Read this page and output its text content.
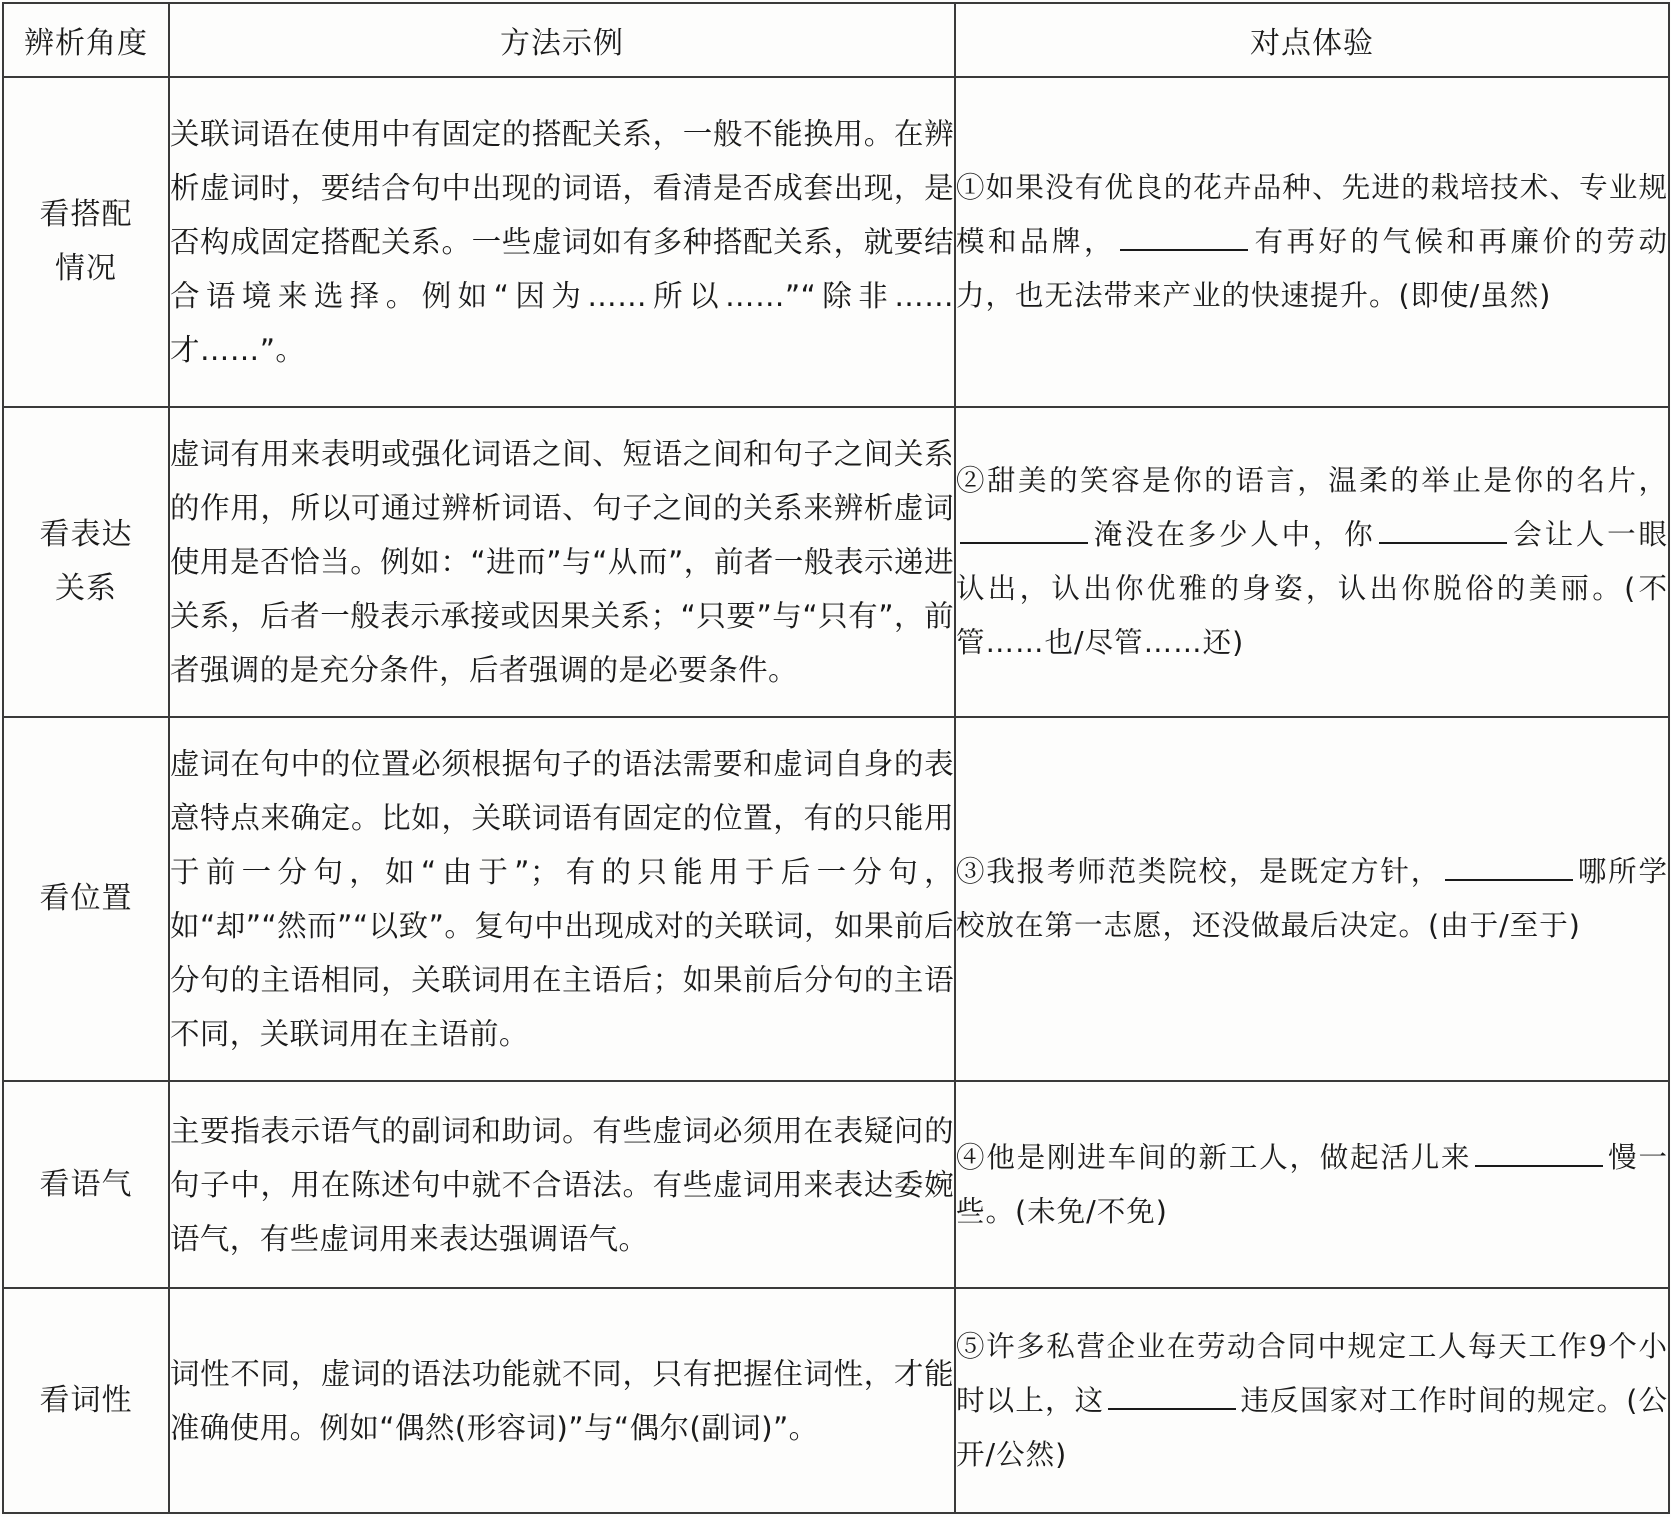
辨析角度	方法示例	对点体验

看搭配
情况	关联词语在使用中有固定的搭配关系，一般不能换用。在辨析虚词时，要结合句中出现的词语，看清是否成套出现，是否构成固定搭配关系。一些虚词如有多种搭配关系，就要结合语境来选择。例如“因为……所以……”“除非……才……”。	①如果没有优良的花卉品种、先进的栽培技术、专业规模和品牌， 有再好的气候和再廉价的劳动力，也无法带来产业的快速提升。(即使/虽然)

看表达
关系	虚词有用来表明或强化词语之间、短语之间和句子之间关系的作用，所以可通过辨析词语、句子之间的关系来辨析虚词使用是否恰当。例如：“进而”与“从而”，前者一般表示递进关系，后者一般表示承接或因果关系；“只要”与“只有”，前者强调的是充分条件，后者强调的是必要条件。	②甜美的笑容是你的语言，温柔的举止是你的名片，淹没在多少人中，你 会让人一眼认出，认出你优雅的身姿，认出你脱俗的美丽。(不管……也/尽管……还)

看位置	虚词在句中的位置必须根据句子的语法需要和虚词自身的表意特点来确定。比如，关联词语有固定的位置，有的只能用于前一分句，如“由于”；有的只能用于后一分句，如“却”“然而”“以致”。复句中出现成对的关联词，如果前后分句的主语相同，关联词用在主语后；如果前后分句的主语不同，关联词用在主语前。	③我报考师范类院校，是既定方针， 哪所学校放在第一志愿，还没做最后决定。(由于/至于)

看语气	主要指表示语气的副词和助词。有些虚词必须用在表疑问的句子中，用在陈述句中就不合语法。有些虚词用来表达委婉语气，有些虚词用来表达强调语气。	④他是刚进车间的新工人，做起活儿来 慢一些。(未免/不免)

看词性	词性不同，虚词的语法功能就不同，只有把握住词性，才能准确使用。例如“偶然(形容词)”与“偶尔(副词)”。	⑤许多私营企业在劳动合同中规定工人每天工作9个小时以上，这 违反国家对工作时间的规定。(公开/公然)
